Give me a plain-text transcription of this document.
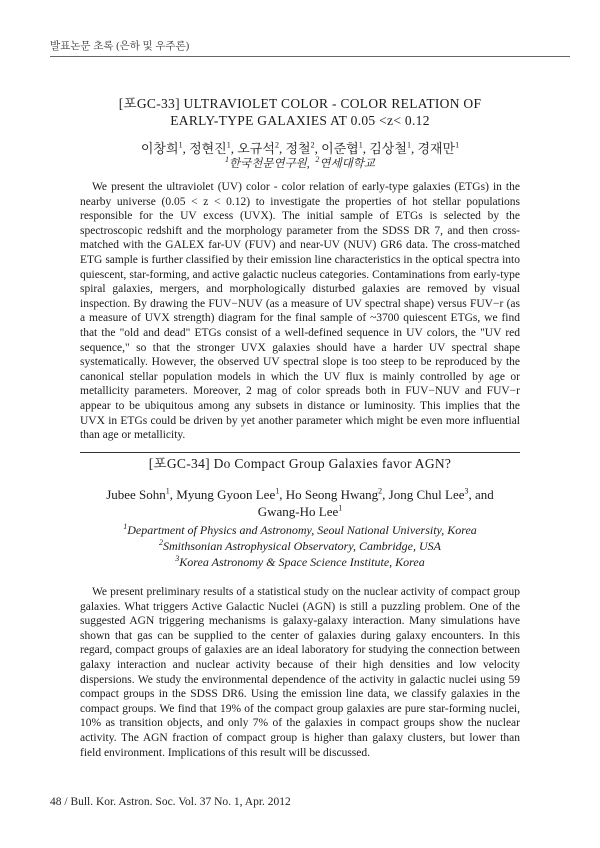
발표논문 초록 (은하 및 우주론)

[포GC-33] ULTRAVIOLET COLOR - COLOR RELATION OF

EARLY-TYPE GALAXIES AT 0.05 <z< 0.12

이창희$^1$, 정현진$^1$, 오규석$^2$, 정철$^2$, 이준협$^1$, 김상철$^1$, 경재만$^1$

$^1$한국천문연구원,  $^2$연세대학교

We present the ultraviolet (UV) color - color relation of early-type galaxies (ETGs) in the nearby universe (0.05 < z < 0.12) to investigate the properties of hot stellar populations responsible for the UV excess (UVX). The initial sample of ETGs is selected by the spectroscopic redshift and the morphology parameter from the SDSS DR 7, and then cross-matched with the GALEX far-UV (FUV) and near-UV (NUV) GR6 data. The cross-matched ETG sample is further classified by their emission line characteristics in the optical spectra into quiescent, star-forming, and active galactic nucleus categories. Contaminations from early-type spiral galaxies, mergers, and morphologically disturbed galaxies are removed by visual inspection. By drawing the FUV−NUV (as a measure of UV spectral shape) versus FUV−r (as a measure of UVX strength) diagram for the final sample of ~3700 quiescent ETGs, we find that the "old and dead" ETGs consist of a well-defined sequence in UV colors, the "UV red sequence," so that the stronger UVX galaxies should have a harder UV spectral shape systematically. However, the observed UV spectral slope is too steep to be reproduced by the canonical stellar population models in which the UV flux is mainly controlled by age or metallicity parameters. Moreover, 2 mag of color spreads both in FUV−NUV and FUV−r appear to be ubiquitous among any subsets in distance or luminosity. This implies that the UVX in ETGs could be driven by yet another parameter which might be even more influential than age or metallicity.

[포GC-34] Do Compact Group Galaxies favor AGN?

Jubee Sohn$^1$, Myung Gyoon Lee$^1$, Ho Seong Hwang$^2$, Jong Chul Lee$^3$, and
Gwang-Ho Lee$^1$

$^1$Department of Physics and Astronomy, Seoul National University, Korea

$^2$Smithsonian Astrophysical Observatory, Cambridge, USA

$^3$Korea Astronomy & Space Science Institute, Korea

We present preliminary results of a statistical study on the nuclear activity of compact group galaxies. What triggers Active Galactic Nuclei (AGN) is still a puzzling problem. One of the suggested AGN triggering mechanisms is galaxy-galaxy interaction. Many simulations have shown that gas can be supplied to the center of galaxies during galaxy encounters. In this regard, compact groups of galaxies are an ideal laboratory for studying the connection between galaxy interaction and nuclear activity because of their high densities and low velocity dispersions. We study the environmental dependence of the activity in galactic nuclei using 59 compact groups in the SDSS DR6. Using the emission line data, we classify galaxies in the compact groups. We find that 19% of the compact group galaxies are pure star-forming nuclei, 10% as transition objects, and only 7% of the galaxies in compact groups show the nuclear activity. The AGN fraction of compact group is higher than galaxy clusters, but lower than field environment. Implications of this result will be discussed.

48 / Bull. Kor. Astron. Soc. Vol. 37 No. 1, Apr. 2012
